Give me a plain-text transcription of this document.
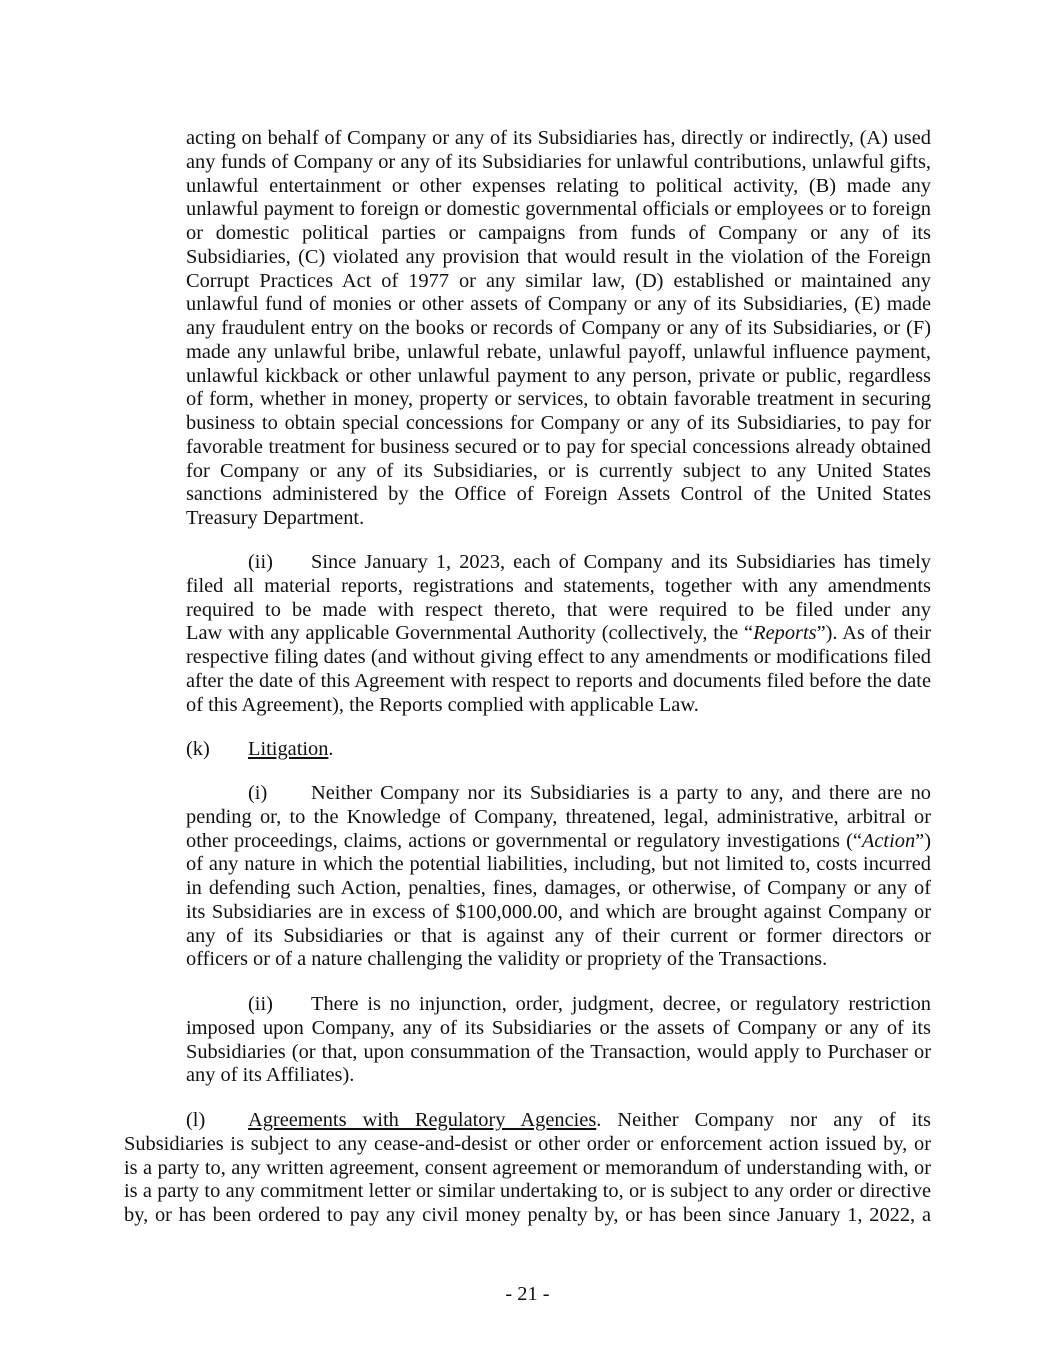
acting on behalf of Company or any of its Subsidiaries has, directly or indirectly, (A) used
any funds of Company or any of its Subsidiaries for unlawful contributions, unlawful gifts,
unlawful entertainment or other expenses relating to political activity, (B) made any
unlawful payment to foreign or domestic governmental officials or employees or to foreign
or domestic political parties or campaigns from funds of Company or any of its
Subsidiaries, (C) violated any provision that would result in the violation of the Foreign
Corrupt Practices Act of 1977 or any similar law, (D) established or maintained any
unlawful fund of monies or other assets of Company or any of its Subsidiaries, (E) made
any fraudulent entry on the books or records of Company or any of its Subsidiaries, or (F)
made any unlawful bribe, unlawful rebate, unlawful payoff, unlawful influence payment,
unlawful kickback or other unlawful payment to any person, private or public, regardless
of form, whether in money, property or services, to obtain favorable treatment in securing
business to obtain special concessions for Company or any of its Subsidiaries, to pay for
favorable treatment for business secured or to pay for special concessions already obtained
for Company or any of its Subsidiaries, or is currently subject to any United States
sanctions administered by the Office of Foreign Assets Control of the United States
Treasury Department.
(ii) Since January 1, 2023, each of Company and its Subsidiaries has timely
filed all material reports, registrations and statements, together with any amendments
required to be made with respect thereto, that were required to be filed under any
Law with any applicable Governmental Authority (collectively, the “Reports”). As of their
respective filing dates (and without giving effect to any amendments or modifications filed
after the date of this Agreement with respect to reports and documents filed before the date
of this Agreement), the Reports complied with applicable Law.
(k) Litigation.
(i) Neither Company nor its Subsidiaries is a party to any, and there are no
pending or, to the Knowledge of Company, threatened, legal, administrative, arbitral or
other proceedings, claims, actions or governmental or regulatory investigations (“Action”)
of any nature in which the potential liabilities, including, but not limited to, costs incurred
in defending such Action, penalties, fines, damages, or otherwise, of Company or any of
its Subsidiaries are in excess of $100,000.00, and which are brought against Company or
any of its Subsidiaries or that is against any of their current or former directors or
officers or of a nature challenging the validity or propriety of the Transactions.
(ii) There is no injunction, order, judgment, decree, or regulatory restriction
imposed upon Company, any of its Subsidiaries or the assets of Company or any of its
Subsidiaries (or that, upon consummation of the Transaction, would apply to Purchaser or
any of its Affiliates).
(l) Agreements with Regulatory Agencies. Neither Company nor any of its
Subsidiaries is subject to any cease-and-desist or other order or enforcement action issued by, or
is a party to, any written agreement, consent agreement or memorandum of understanding with, or
is a party to any commitment letter or similar undertaking to, or is subject to any order or directive
by, or has been ordered to pay any civil money penalty by, or has been since January 1, 2022, a
- 21 -
